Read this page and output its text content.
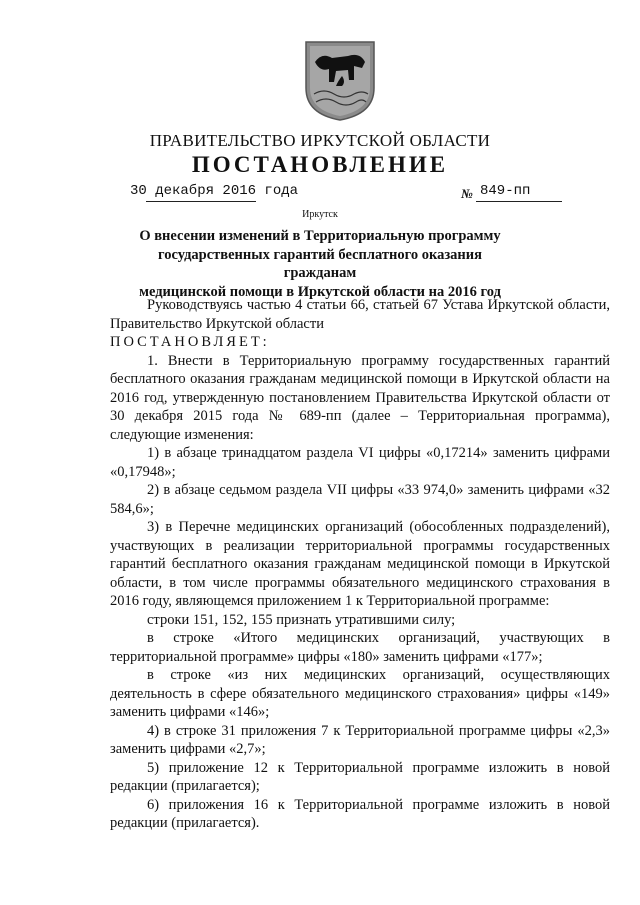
ПРАВИТЕЛЬСТВО ИРКУТСКОЙ ОБЛАСТИ
ПОСТАНОВЛЕНИЕ
30 декабря 2016 года	№ 849-пп
Иркутск
О внесении изменений в Территориальную программу
государственных гарантий бесплатного оказания гражданам
медицинской помощи в Иркутской области на 2016 год

Руководствуясь частью 4 статьи 66, статьей 67 Устава Иркутской области, Правительство Иркутской области

ПОСТАНОВЛЯЕТ:

1. Внести в Территориальную программу государственных гарантий бесплатного оказания гражданам медицинской помощи в Иркутской области на 2016 год, утвержденную постановлением Правительства Иркутской области от 30 декабря 2015 года № 689-пп (далее – Территориальная программа), следующие изменения:

1) в абзаце тринадцатом раздела VI цифры «0,17214» заменить цифрами «0,17948»;

2) в абзаце седьмом раздела VII цифры «33 974,0» заменить цифрами «32 584,6»;

3) в Перечне медицинских организаций (обособленных подразделений), участвующих в реализации территориальной программы государственных гарантий бесплатного оказания гражданам медицинской помощи в Иркутской области, в том числе программы обязательного медицинского страхования в 2016 году, являющемся приложением 1 к Территориальной программе:

строки 151, 152, 155 признать утратившими силу;

в строке «Итого медицинских организаций, участвующих в территориальной программе» цифры «180» заменить цифрами «177»;

в строке «из них медицинских организаций, осуществляющих деятельность в сфере обязательного медицинского страхования» цифры «149» заменить цифрами «146»;

4) в строке 31 приложения 7 к Территориальной программе цифры «2,3» заменить цифрами «2,7»;

5) приложение 12 к Территориальной программе изложить в новой редакции (прилагается);

6) приложения 16 к Территориальной программе изложить в новой редакции (прилагается).
